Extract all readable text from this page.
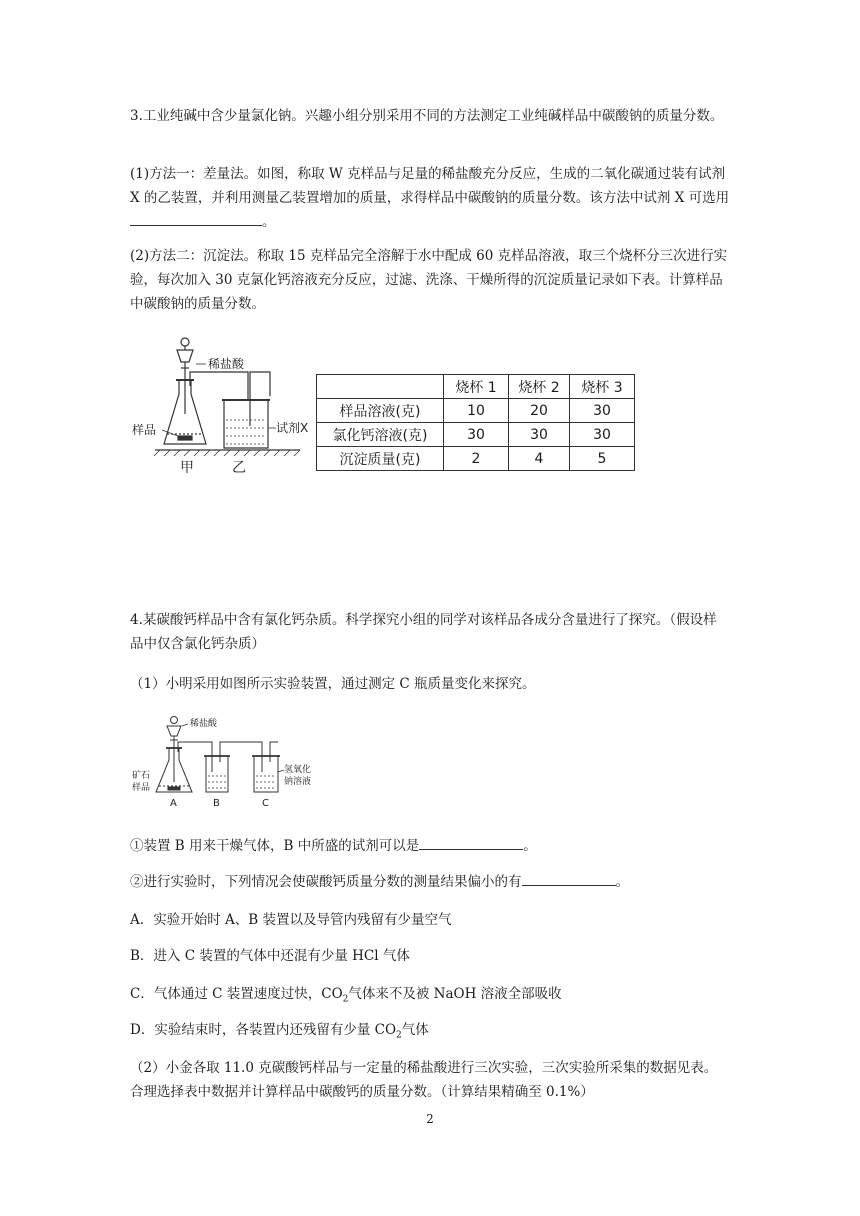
3.工业纯碱中含少量氯化钠。兴趣小组分别采用不同的方法测定工业纯碱样品中碳酸钠的质量分数。

(1)方法一：差量法。如图，称取 W 克样品与足量的稀盐酸充分反应，生成的二氧化碳通过装有试剂 X 的乙装置，并利用测量乙装置增加的质量，求得样品中碳酸钠的质量分数。该方法中试剂 X 可选用。

(2)方法二：沉淀法。称取 15 克样品完全溶解于水中配成 60 克样品溶液，取三个烧杯分三次进行实验，每次加入 30 克氯化钙溶液充分反应，过滤、洗涤、干燥所得的沉淀质量记录如下表。计算样品中碳酸钠的质量分数。

稀盐酸
样品	试剂X
甲	乙
	烧杯 1	烧杯 2	烧杯 3
样品溶液(克)	10	20	30
氯化钙溶液(克)	30	30	30
沉淀质量(克)	2	4	5

4.某碳酸钙样品中含有氯化钙杂质。科学探究小组的同学对该样品各成分含量进行了探究。（假设样品中仅含氯化钙杂质）

（1）小明采用如图所示实验装置，通过测定 C 瓶质量变化来探究。

稀盐酸
矿石
样品
氢氧化
钠溶液
A	B	C

①装置 B 用来干燥气体，B 中所盛的试剂可以是	。

②进行实验时，下列情况会使碳酸钙质量分数的测量结果偏小的有	。

A．实验开始时 A、B 装置以及导管内残留有少量空气

B．进入 C 装置的气体中还混有少量 HCl 气体

C．气体通过 C 装置速度过快，$CO_2$气体来不及被 NaOH 溶液全部吸收

D．实验结束时，各装置内还残留有少量 $CO_2$气体

（2）小金各取 11.0 克碳酸钙样品与一定量的稀盐酸进行三次实验，三次实验所采集的数据见表。合理选择表中数据并计算样品中碳酸钙的质量分数。（计算结果精确至 0.1%）

2
